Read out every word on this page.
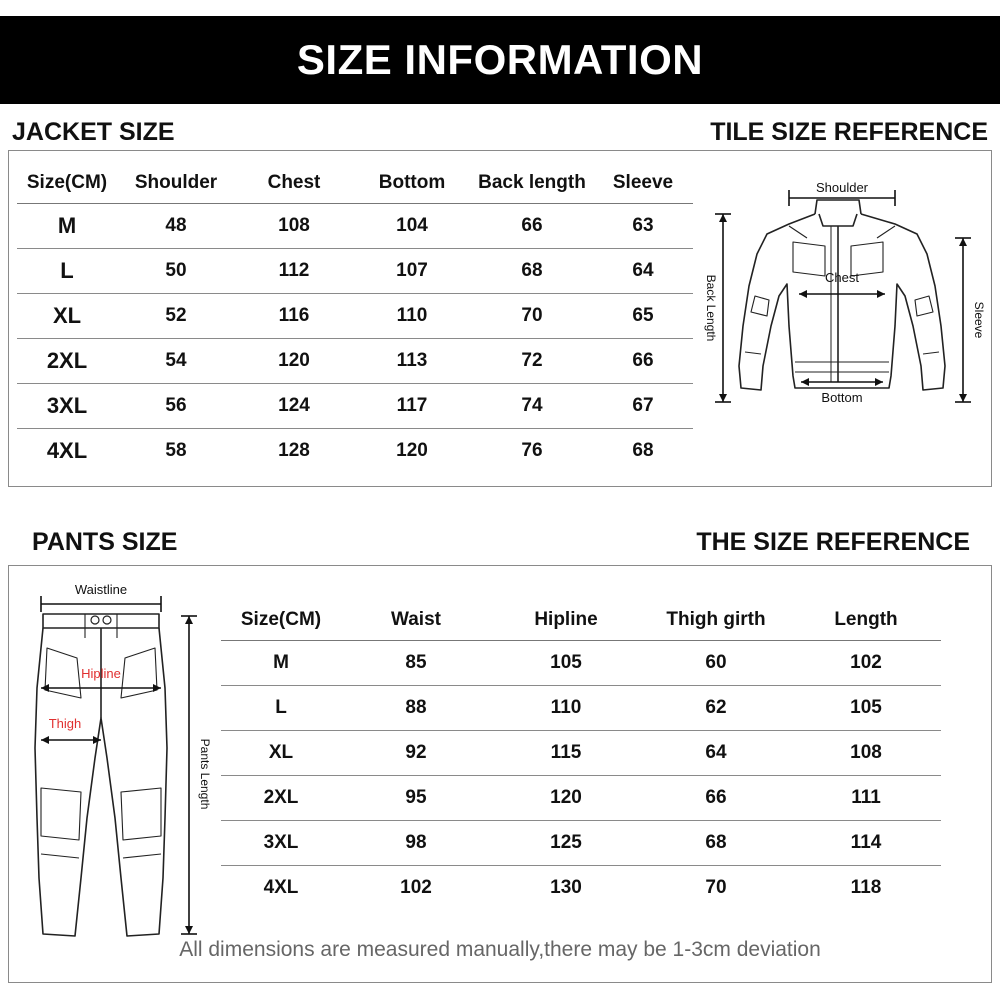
SIZE INFORMATION
JACKET SIZE	TILE SIZE REFERENCE
Size(CM)	Shoulder	Chest	Bottom	Back length	Sleeve
M	48	108	104	66	63
L	50	112	107	68	64
XL	52	116	110	70	65
2XL	54	120	113	72	66
3XL	56	124	117	74	67
4XL	58	128	120	76	68
Shoulder
Chest
Bottom
Back Length	Sleeve
PANTS SIZE	THE SIZE REFERENCE
Waistline
Hipline
Thigh
Pants Length
Size(CM)	Waist	Hipline	Thigh girth	Length
M	85	105	60	102
L	88	110	62	105
XL	92	115	64	108
2XL	95	120	66	111
3XL	98	125	68	114
4XL	102	130	70	118
All dimensions are measured manually,there may be 1-3cm deviation
